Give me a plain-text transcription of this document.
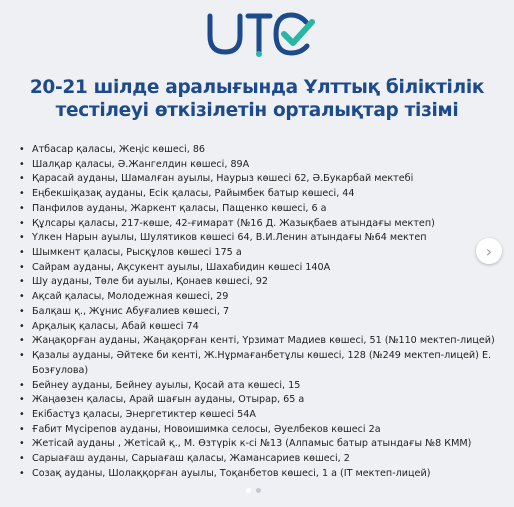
20-21 шілде аралығында Ұлттық біліктілік
тестілеуі өткізілетін орталықтар тізімі
• Атбасар қаласы, Жеңіс көшесі, 86
• Шалқар қаласы, Ә.Жангелдин көшесі, 89А
• Қарасай ауданы, Шамалған ауылы, Наурыз көшесі 62, Ә.Букарбай мектебі
• Еңбекшіқазақ ауданы, Есік қаласы, Райымбек батыр көшесі, 44
• Панфилов ауданы, Жаркент қаласы, Пащенко көшесі, 6 а
• Құлсары қаласы, 217-көше, 42-ғимарат (№16 Д. Жазықбаев атындағы мектеп)
• Үлкен Нарын ауылы, Шулятиков көшесі 64, В.И.Ленин атындағы №64 мектеп
• Шымкент қаласы, Рысқұлов көшесі 175 а
• Сайрам ауданы, Ақсукент ауылы, Шахабидин көшесі 140А
• Шу ауданы, Төле би ауылы, Қонаев көшесі, 92
• Ақсай қаласы, Молодежная көшесі, 29
• Балқаш қ., Жұнис Абуғалиев көшесі, 7
• Арқалық қаласы, Абай көшесі 74
• Жаңақорған ауданы, Жаңақорған кенті, Үрзимат Мадиев көшесі, 51 (№110 мектеп-лицей)
• Қазалы ауданы, Әйтеке би кенті, Ж.Нұрмағанбетұлы көшесі, 128 (№249 мектеп-лицей) Е. Бозғулова)
• Бейнеу ауданы, Бейнеу ауылы, Қосай ата көшесі, 15
• Жаңаөзен қаласы, Арай шағын ауданы, Отырар, 65 а
• Екібастұз қаласы, Энергетиктер көшесі 54А
• Ғабит Мүсірепов ауданы, Новоишимка селосы, Әуелбеков көшесі 2а
• Жетісай ауданы , Жетісай қ., М. Өзтүрік к-сі №13 (Алпамыс батыр атындағы №8 КММ)
• Сарыағаш ауданы, Сарыағаш қаласы, Жамансариев көшесі, 2
• Созақ ауданы, Шолаққорған ауылы, Тоқанбетов көшесі, 1 а (IT мектеп-лицей)
›
